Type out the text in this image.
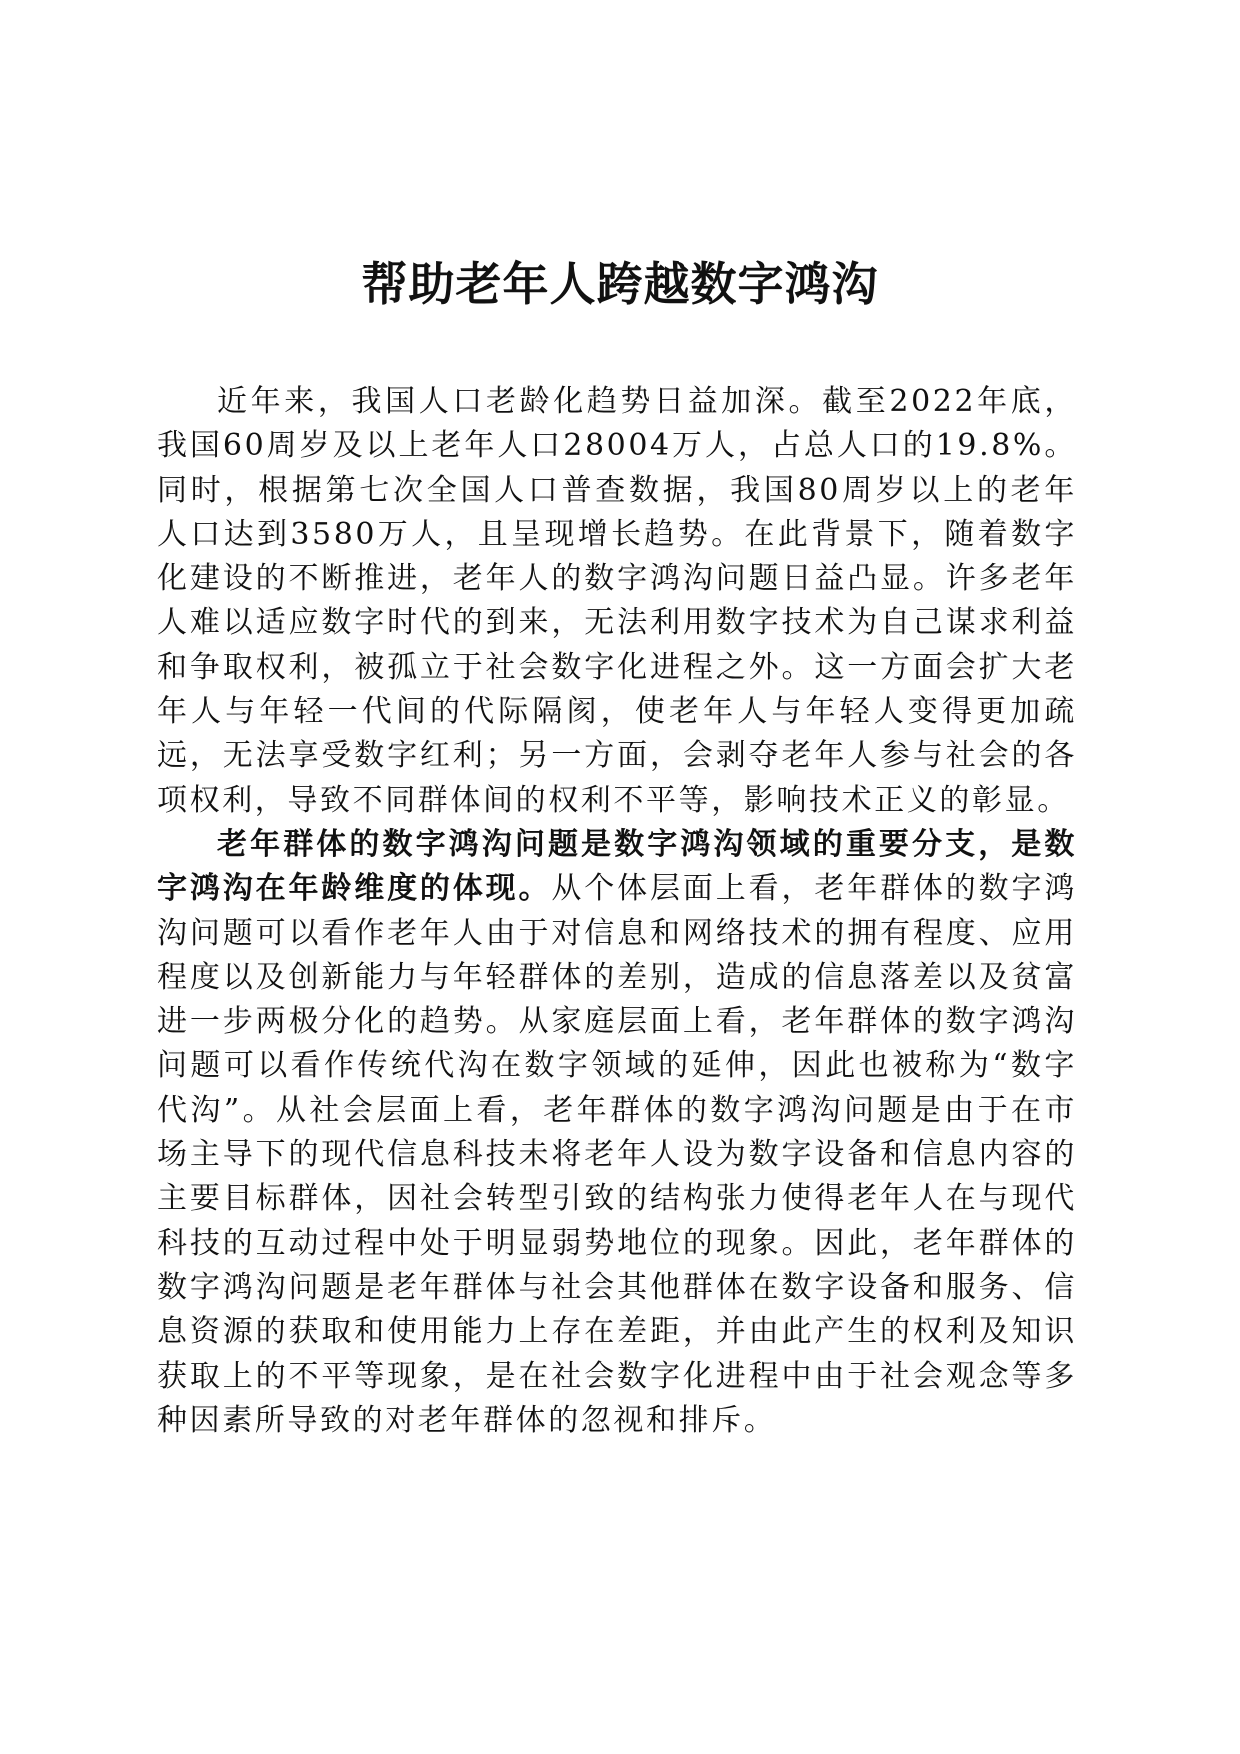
帮助老年人跨越数字鸿沟

近年来，我国人口老龄化趋势日益加深。截至2022年底，我国60周岁及以上老年人口28004万人，占总人口的19.8%。同时，根据第七次全国人口普查数据，我国80周岁以上的老年人口达到3580万人，且呈现增长趋势。在此背景下，随着数字化建设的不断推进，老年人的数字鸿沟问题日益凸显。许多老年人难以适应数字时代的到来，无法利用数字技术为自己谋求利益和争取权利，被孤立于社会数字化进程之外。这一方面会扩大老年人与年轻一代间的代际隔阂，使老年人与年轻人变得更加疏远，无法享受数字红利；另一方面，会剥夺老年人参与社会的各项权利，导致不同群体间的权利不平等，影响技术正义的彰显。

老年群体的数字鸿沟问题是数字鸿沟领域的重要分支，是数字鸿沟在年龄维度的体现。从个体层面上看，老年群体的数字鸿沟问题可以看作老年人由于对信息和网络技术的拥有程度、应用程度以及创新能力与年轻群体的差别，造成的信息落差以及贫富进一步两极分化的趋势。从家庭层面上看，老年群体的数字鸿沟问题可以看作传统代沟在数字领域的延伸，因此也被称为“数字代沟”。从社会层面上看，老年群体的数字鸿沟问题是由于在市场主导下的现代信息科技未将老年人设为数字设备和信息内容的主要目标群体，因社会转型引致的结构张力使得老年人在与现代科技的互动过程中处于明显弱势地位的现象。因此，老年群体的数字鸿沟问题是老年群体与社会其他群体在数字设备和服务、信息资源的获取和使用能力上存在差距，并由此产生的权利及知识获取上的不平等现象，是在社会数字化进程中由于社会观念等多种因素所导致的对老年群体的忽视和排斥。
